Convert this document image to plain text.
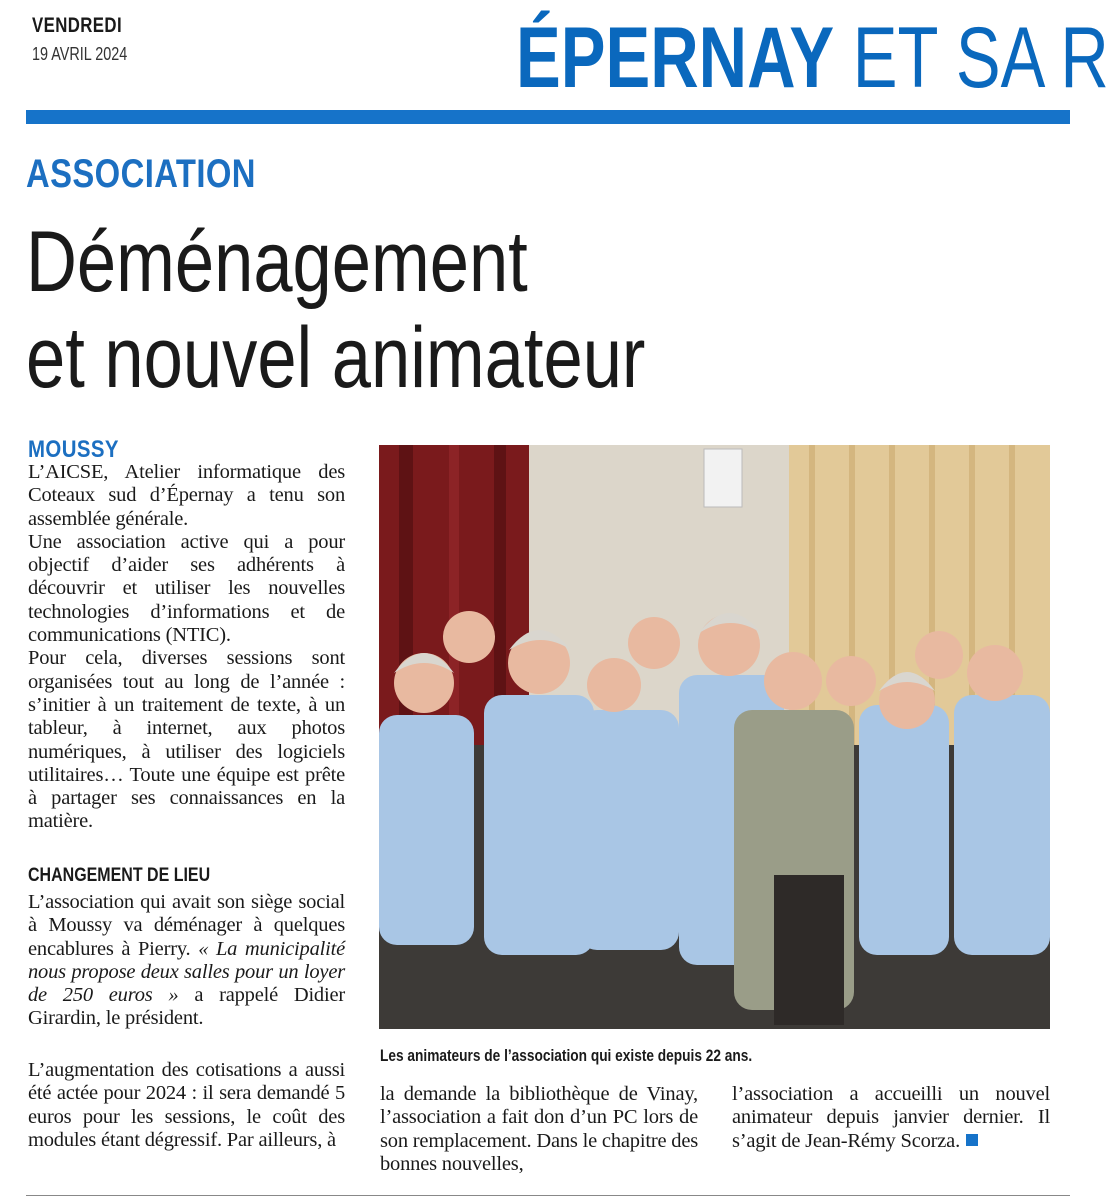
VENDREDI
19 AVRIL 2024	ÉPERNAY ET SA R
ASSOCIATION
Déménagement
et nouvel animateur
MOUSSY

L’AICSE, Atelier informatique des Coteaux sud d’Épernay a tenu son assemblée générale.

Une association active qui a pour objectif d’aider ses adhérents à découvrir et utiliser les nouvelles technologies d’informations et de communications (NTIC).

Pour cela, diverses sessions sont organisées tout au long de l’année : s’initier à un traitement de texte, à un tableur, à internet, aux photos numériques, à utiliser des logiciels utilitaires… Toute une équipe est prête à partager ses connaissances en la matière.

CHANGEMENT DE LIEU

L’association qui avait son siège social à Moussy va déménager à quelques encablures à Pierry. « La municipalité nous propose deux salles pour un loyer de 250 euros » a rappelé Didier Girardin, le président.

L’augmentation des cotisations a aussi été actée pour 2024 : il sera demandé 5 euros pour les sessions, le coût des modules étant dégressif. Par ailleurs, à

la demande la bibliothèque de Vinay, l’association a fait don d’un PC lors de son remplacement. Dans le chapitre des bonnes nouvelles,

l’association a accueilli un nouvel animateur depuis janvier dernier. Il s’agit de Jean-Rémy Scorza.

Les animateurs de l’association qui existe depuis 22 ans.
